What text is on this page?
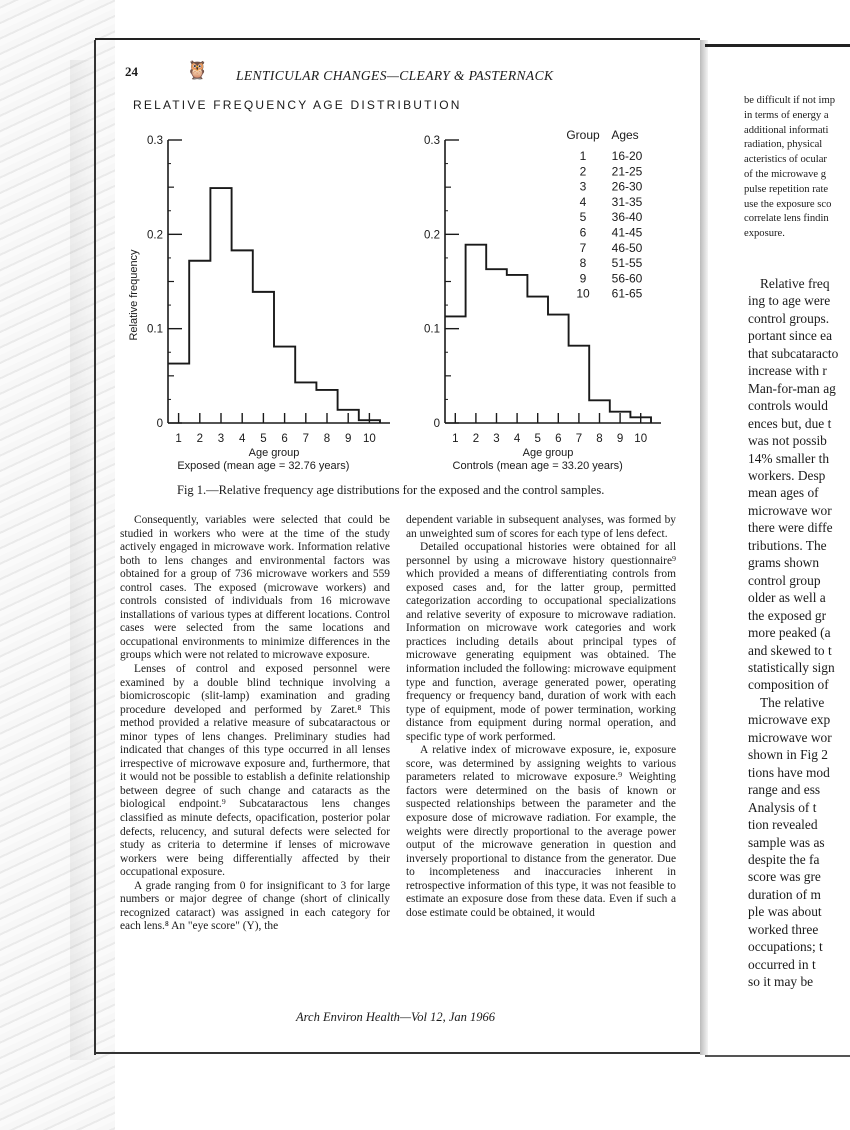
24	🦉 LENTICULAR CHANGES—CLEARY & PASTERNACK
RELATIVE FREQUENCY AGE DISTRIBUTION
0
0.1
0.2
0.3
1 2 3 4 5 6 7 8 9 10
Age group
Exposed (mean age = 32.76 years)
Relative frequency
0
0.1
0.2
0.3
1 2 3 4 5 6 7 8 9 10
Age group
Controls (mean age = 33.20 years)
Group Ages
1 16-20
2 21-25
3 26-30
4 31-35
5 36-40
6 41-45
7 46-50
8 51-55
9 56-60
10 61-65
Fig 1.—Relative frequency age distributions for the exposed and the control samples.

Consequently, variables were selected that could be studied in workers who were at the time of the study actively engaged in microwave work. Information relative both to lens changes and environmental factors was obtained for a group of 736 microwave workers and 559 control cases. The exposed (microwave workers) and controls consisted of individuals from 16 microwave installations of various types at different locations. Control cases were selected from the same locations and occupational environments to minimize differences in the groups which were not related to microwave exposure.

Lenses of control and exposed personnel were examined by a double blind technique involving a biomicroscopic (slit-lamp) examination and grading procedure developed and performed by Zaret.⁸ This method provided a relative measure of subcataractous or minor types of lens changes. Preliminary studies had indicated that changes of this type occurred in all lenses irrespective of microwave exposure and, furthermore, that it would not be possible to establish a definite relationship between degree of such change and cataracts as the biological endpoint.⁹ Subcataractous lens changes classified as minute defects, opacification, posterior polar defects, relucency, and sutural defects were selected for study as criteria to determine if lenses of microwave workers were being differentially affected by their occupational exposure.

A grade ranging from 0 for insignificant to 3 for large numbers or major degree of change (short of clinically recognized cataract) was assigned in each category for each lens.⁸ An "eye score" (Y), the

dependent variable in subsequent analyses, was formed by an unweighted sum of scores for each type of lens defect.

Detailed occupational histories were obtained for all personnel by using a microwave history questionnaire⁹ which provided a means of differentiating controls from exposed cases and, for the latter group, permitted categorization according to occupational specializations and relative severity of exposure to microwave radiation. Information on microwave work categories and work practices including details about principal types of microwave generating equipment was obtained. The information included the following: microwave equipment type and function, average generated power, operating frequency or frequency band, duration of work with each type of equipment, mode of power termination, working distance from equipment during normal operation, and specific type of work performed.

A relative index of microwave exposure, ie, exposure score, was determined by assigning weights to various parameters related to microwave exposure.⁹ Weighting factors were determined on the basis of known or suspected relationships between the parameter and the exposure dose of microwave radiation. For example, the weights were directly proportional to the average power output of the microwave generation in question and inversely proportional to distance from the generator. Due to incompleteness and inaccuracies inherent in retrospective information of this type, it was not feasible to estimate an exposure dose from these data. Even if such a dose estimate could be obtained, it would

Arch Environ Health—Vol 12, Jan 1966
be difficult if not imp
in terms of energy a
additional informati
radiation, physical
acteristics of ocular
of the microwave g
pulse repetition rate
use the exposure sco
correlate lens findin
exposure.
Relative freq
ing to age were
control groups.
portant since ea
that subcataracto
increase with r
Man-for-man ag
controls would
ences but, due t
was not possib
14% smaller th
workers. Desp
mean ages of
microwave wor
there were diffe
tributions. The
grams shown
control group
older as well a
the exposed gr
more peaked (a
and skewed to t
statistically sign
composition of
The relative
microwave exp
microwave wor
shown in Fig 2
tions have mod
range and ess
Analysis of t
tion revealed
sample was as
despite the fa
score was gre
duration of m
ple was about
worked three
occupations; t
occurred in t
so it may be
